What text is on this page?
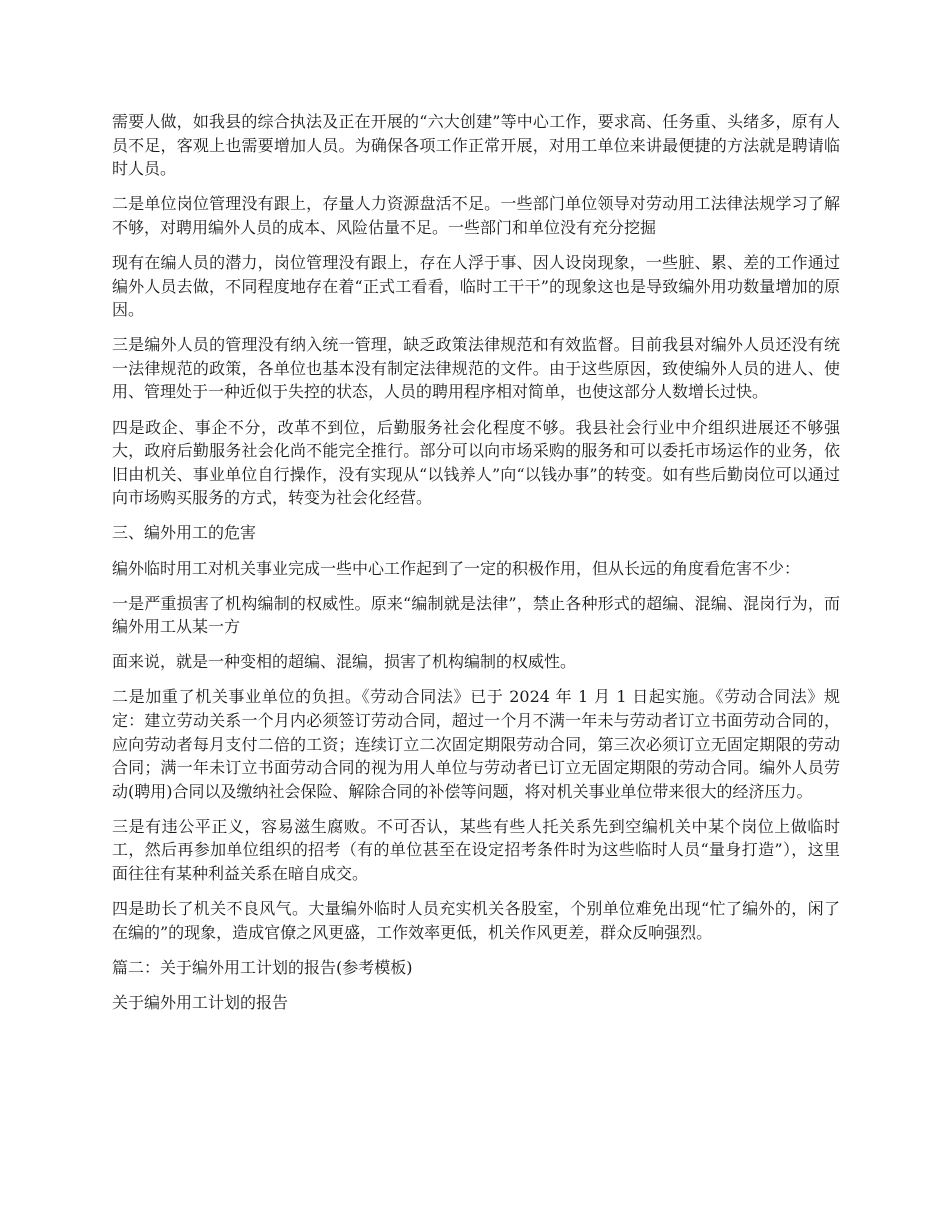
需要人做，如我县的综合执法及正在开展的“六大创建”等中心工作，要求高、任务重、头绪多，原有人员不足，客观上也需要增加人员。为确保各项工作正常开展，对用工单位来讲最便捷的方法就是聘请临时人员。

二是单位岗位管理没有跟上，存量人力资源盘活不足。一些部门单位领导对劳动用工法律法规学习了解不够，对聘用编外人员的成本、风险估量不足。一些部门和单位没有充分挖掘

现有在编人员的潜力，岗位管理没有跟上，存在人浮于事、因人设岗现象，一些脏、累、差的工作通过编外人员去做，不同程度地存在着“正式工看看，临时工干干”的现象这也是导致编外用功数量增加的原因。

三是编外人员的管理没有纳入统一管理，缺乏政策法律规范和有效监督。目前我县对编外人员还没有统一法律规范的政策，各单位也基本没有制定法律规范的文件。由于这些原因，致使编外人员的进人、使用、管理处于一种近似于失控的状态，人员的聘用程序相对简单，也使这部分人数增长过快。

四是政企、事企不分，改革不到位，后勤服务社会化程度不够。我县社会行业中介组织进展还不够强大，政府后勤服务社会化尚不能完全推行。部分可以向市场采购的服务和可以委托市场运作的业务，依旧由机关、事业单位自行操作，没有实现从“以钱养人”向“以钱办事”的转变。如有些后勤岗位可以通过向市场购买服务的方式，转变为社会化经营。

三、编外用工的危害

编外临时用工对机关事业完成一些中心工作起到了一定的积极作用，但从长远的角度看危害不少：

一是严重损害了机构编制的权威性。原来“编制就是法律”，禁止各种形式的超编、混编、混岗行为，而编外用工从某一方

面来说，就是一种变相的超编、混编，损害了机构编制的权威性。

二是加重了机关事业单位的负担。《劳动合同法》已于 2024 年 1 月 1 日起实施。《劳动合同法》规定：建立劳动关系一个月内必须签订劳动合同，超过一个月不满一年未与劳动者订立书面劳动合同的，应向劳动者每月支付二倍的工资；连续订立二次固定期限劳动合同，第三次必须订立无固定期限的劳动合同；满一年未订立书面劳动合同的视为用人单位与劳动者已订立无固定期限的劳动合同。编外人员劳动(聘用)合同以及缴纳社会保险、解除合同的补偿等问题，将对机关事业单位带来很大的经济压力。

三是有违公平正义，容易滋生腐败。不可否认，某些有些人托关系先到空编机关中某个岗位上做临时工，然后再参加单位组织的招考（有的单位甚至在设定招考条件时为这些临时人员“量身打造”），这里面往往有某种利益关系在暗自成交。

四是助长了机关不良风气。大量编外临时人员充实机关各股室，个别单位难免出现“忙了编外的，闲了在编的”的现象，造成官僚之风更盛，工作效率更低，机关作风更差，群众反响强烈。

篇二：关于编外用工计划的报告(参考模板)

关于编外用工计划的报告
